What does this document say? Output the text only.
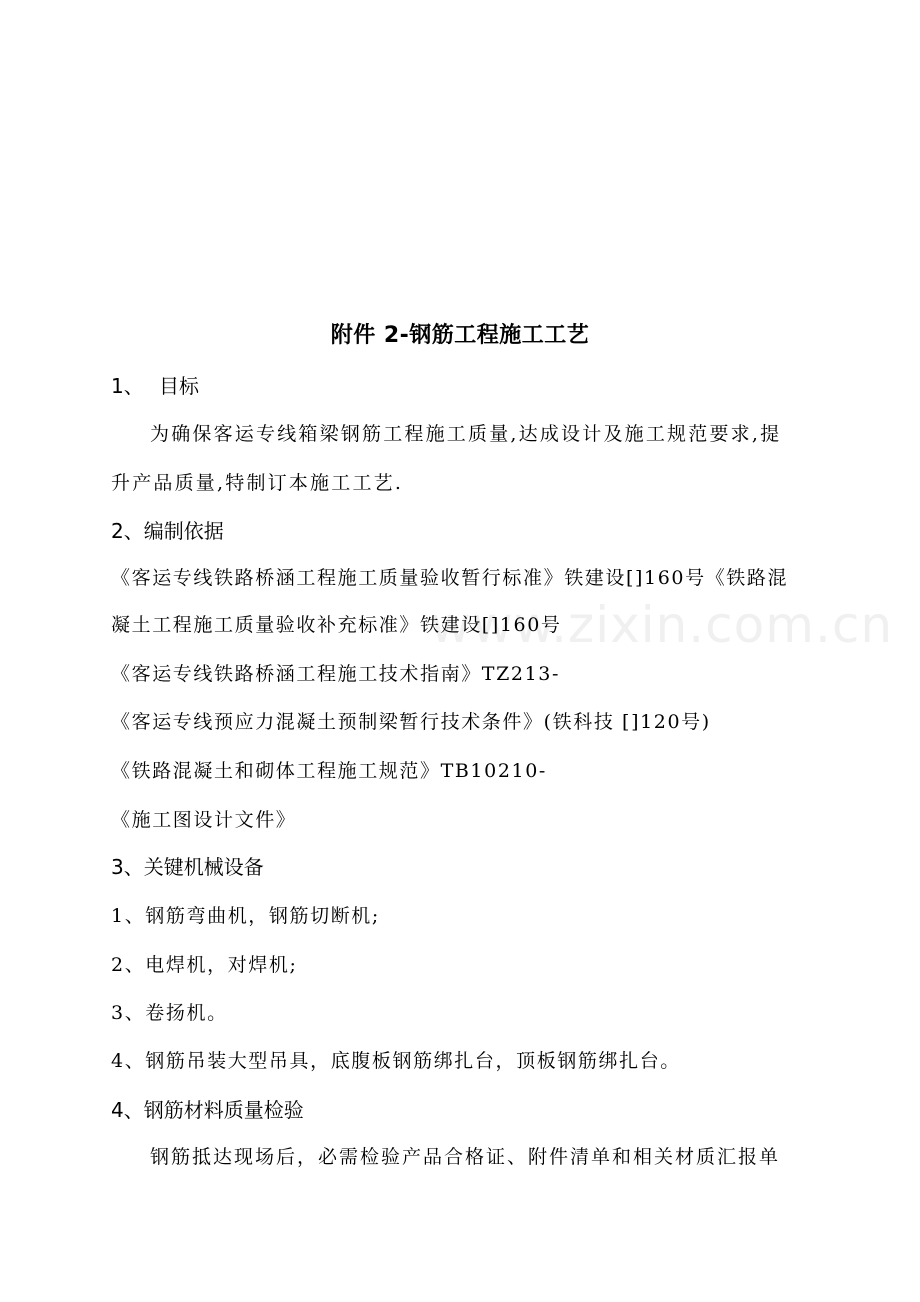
www.zixin.com.cn
附件 2-钢筋工程施工工艺
1、 目标
为确保客运专线箱梁钢筋工程施工质量,达成设计及施工规范要求,提
升产品质量,特制订本施工工艺.
2、编制依据
《客运专线铁路桥涵工程施工质量验收暂行标准》铁建设[]160号《铁路混
凝土工程施工质量验收补充标准》铁建设[]160号
《客运专线铁路桥涵工程施工技术指南》TZ213-
《客运专线预应力混凝土预制梁暂行技术条件》(铁科技 []120号)
《铁路混凝土和砌体工程施工规范》TB10210-
《施工图设计文件》
3、关键机械设备
1、钢筋弯曲机，钢筋切断机;
2、电焊机，对焊机;
3、卷扬机。
4、钢筋吊装大型吊具，底腹板钢筋绑扎台，顶板钢筋绑扎台。
4、钢筋材料质量检验
钢筋抵达现场后，必需检验产品合格证、附件清单和相关材质汇报单
